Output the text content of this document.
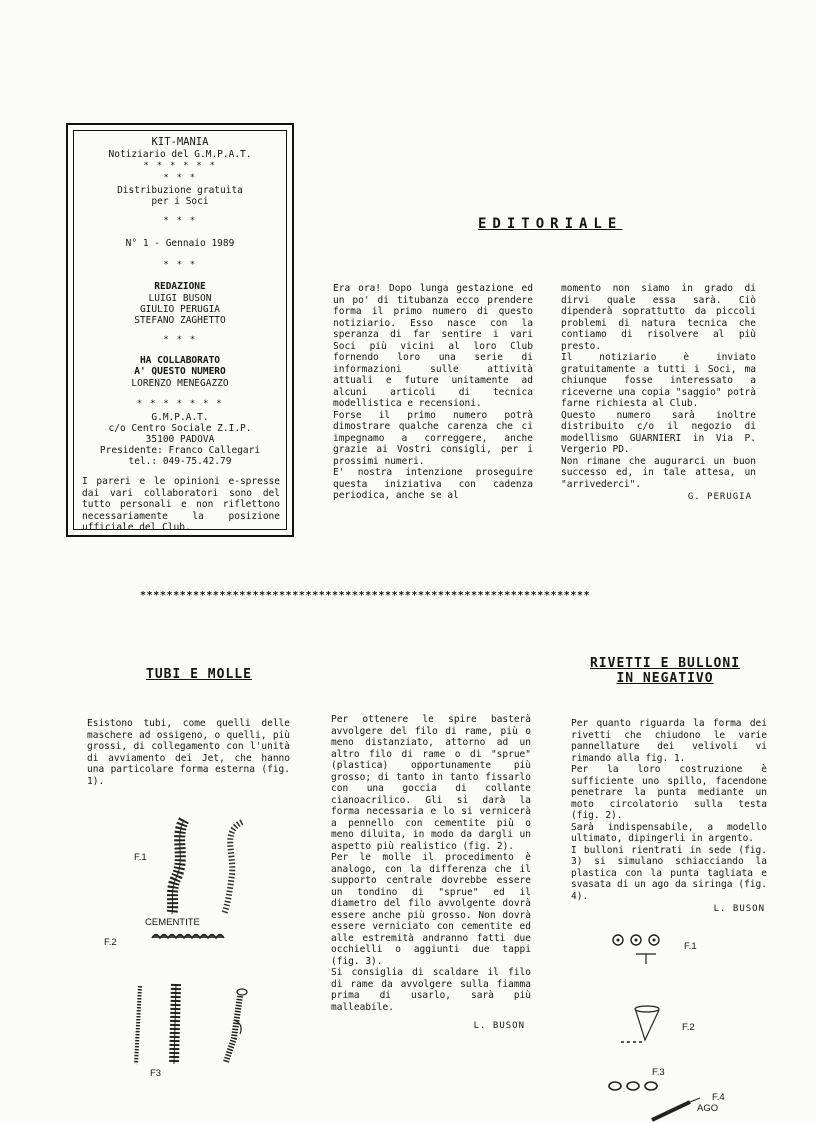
KIT-MANIA
Notiziario del G.M.P.A.T.
* * * * * *
* * *
Distribuzione gratuita
per i Soci
* * *
N° 1 - Gennaio 1989
* * *
REDAZIONE
LUIGI BUSON
GIULIO PERUGIA
STEFANO ZAGHETTO
* * *
HA COLLABORATO
A' QUESTO NUMERO
LORENZO MENEGAZZO
* * * * * * *
G.M.P.A.T.
c/o Centro Sociale Z.I.P.
35100 PADOVA
Presidente: Franco Callegari
tel.: 049-75.42.79
I pareri e le opinioni e-spresse dai vari collaboratori sono del tutto personali e non riflettono necessariamente la posizione ufficiale del Club.
EDITORIALE

Era ora! Dopo lunga gestazione ed un po' di titubanza ecco prendere forma il primo numero di questo notiziario. Esso nasce con la speranza di far sentire i vari Soci più vicini al loro Club fornendo loro una serie di informazioni sulle attività attuali e future unitamente ad alcuni articoli di tecnica modellistica e recensioni.

Forse il primo numero potrà dimostrare qualche carenza che ci impegnamo a correggere, anche grazie ai Vostri consigli, per i prossimi numeri.

E' nostra intenzione proseguire questa iniziativa con cadenza periodica, anche se al

momento non siamo in grado di dirvi quale essa sarà. Ciò dipenderà soprattutto da piccoli problemi di natura tecnica che contiamo di risolvere al più presto.

Il notiziario è inviato gratuitamente a tutti i Soci, ma chiunque fosse interessato a riceverne una copia "saggio" potrà farne richiesta al Club.

Questo numero sarà inoltre distribuito c/o il negozio di modellismo GUARNIERI in Via P. Vergerio PD.

Non rimane che augurarci un buon successo ed, in tale attesa, un "arrivederci".

G. PERUGIA
********************************************************************
TUBI E MOLLE

Esistono tubi, come quelli delle maschere ad ossigeno, o quelli, più grossi, di collegamento con l'unità di avviamento dei Jet, che hanno una particolare forma esterna (fig. 1).

Per ottenere le spire basterà avvolgere del filo di rame, più o meno distanziato, attorno ad un altro filo di rame o di "sprue" (plastica) opportunamente più grosso; di tanto in tanto fissarlo con una goccia di collante cianoacrilico. Gli si darà la forma necessaria e lo si vernicerà a pennello con cementite più o meno diluita, in modo da dargli un aspetto più realistico (fig. 2).

Per le molle il procedimento è analogo, con la differenza che il supporto centrale dovrebbe essere un tondino di "sprue" ed il diametro del filo avvolgente dovrà essere anche più grosso. Non dovrà essere verniciato con cementite ed alle estremità andranno fatti due occhielli o aggiunti due tappi (fig. 3).

Si consiglia di scaldare il filo di rame da avvolgere sulla fiamma prima di usarlo, sarà più malleabile.

L. BUSON
F.1
CEMENTITE
F.2
F3
RIVETTI E BULLONI
IN NEGATIVO

Per quanto riguarda la forma dei rivetti che chiudono le varie pannellature dei velivoli vi rimando alla fig. 1.

Per la loro costruzione è sufficiente uno spillo, facendone penetrare la punta mediante un moto circolatorio sulla testa (fig. 2).

Sarà indispensabile, a modello ultimato, dipingerli in argento.

I bulloni rientrati in sede (fig. 3) si simulano schiacciando la plastica con la punta tagliata e svasata di un ago da siringa (fig. 4).

L. BUSON
F.1
F.2
F.3
F.4
AGO
